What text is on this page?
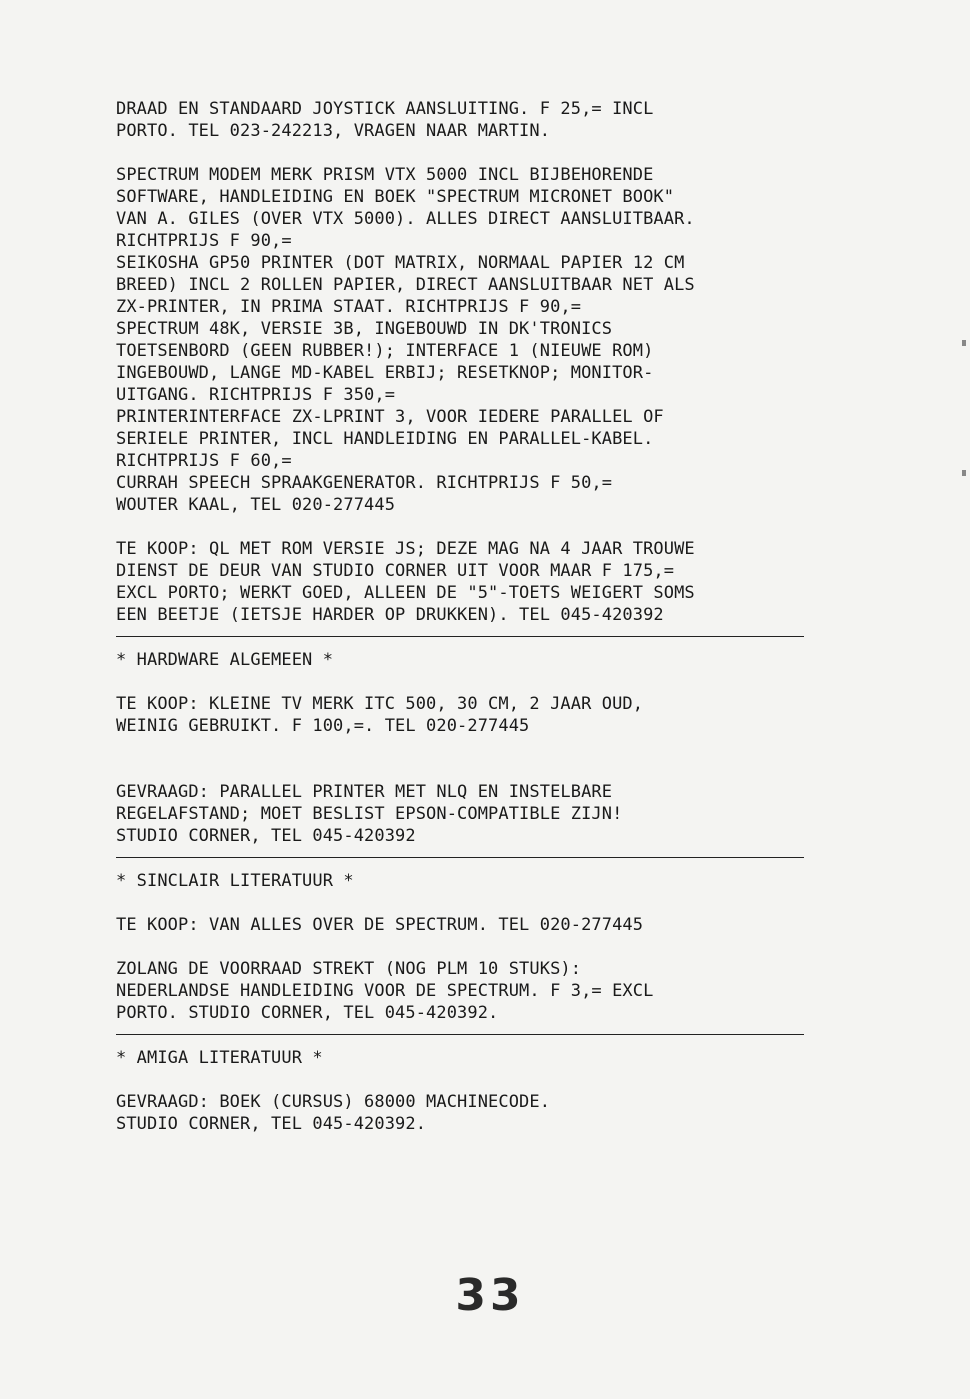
DRAAD EN STANDAARD JOYSTICK AANSLUITING. F 25,= INCL
PORTO. TEL 023-242213, VRAGEN NAAR MARTIN.
SPECTRUM MODEM MERK PRISM VTX 5000 INCL BIJBEHORENDE
SOFTWARE, HANDLEIDING EN BOEK "SPECTRUM MICRONET BOOK"
VAN A. GILES (OVER VTX 5000). ALLES DIRECT AANSLUITBAAR.
RICHTPRIJS F 90,=
SEIKOSHA GP50 PRINTER (DOT MATRIX, NORMAAL PAPIER 12 CM
BREED) INCL 2 ROLLEN PAPIER, DIRECT AANSLUITBAAR NET ALS
ZX-PRINTER, IN PRIMA STAAT. RICHTPRIJS F 90,=
SPECTRUM 48K, VERSIE 3B, INGEBOUWD IN DK'TRONICS
TOETSENBORD (GEEN RUBBER!); INTERFACE 1 (NIEUWE ROM)
INGEBOUWD, LANGE MD-KABEL ERBIJ; RESETKNOP; MONITOR-
UITGANG. RICHTPRIJS F 350,=
PRINTERINTERFACE ZX-LPRINT 3, VOOR IEDERE PARALLEL OF
SERIELE PRINTER, INCL HANDLEIDING EN PARALLEL-KABEL.
RICHTPRIJS F 60,=
CURRAH SPEECH SPRAAKGENERATOR. RICHTPRIJS F 50,=
WOUTER KAAL, TEL 020-277445
TE KOOP: QL MET ROM VERSIE JS; DEZE MAG NA 4 JAAR TROUWE
DIENST DE DEUR VAN STUDIO CORNER UIT VOOR MAAR F 175,=
EXCL PORTO; WERKT GOED, ALLEEN DE "5"-TOETS WEIGERT SOMS
EEN BEETJE (IETSJE HARDER OP DRUKKEN). TEL 045-420392
* HARDWARE ALGEMEEN *
TE KOOP: KLEINE TV MERK ITC 500, 30 CM, 2 JAAR OUD,
WEINIG GEBRUIKT. F 100,=. TEL 020-277445
GEVRAAGD: PARALLEL PRINTER MET NLQ EN INSTELBARE
REGELAFSTAND; MOET BESLIST EPSON-COMPATIBLE ZIJN!
STUDIO CORNER, TEL 045-420392
* SINCLAIR LITERATUUR *
TE KOOP: VAN ALLES OVER DE SPECTRUM. TEL 020-277445
ZOLANG DE VOORRAAD STREKT (NOG PLM 10 STUKS):
NEDERLANDSE HANDLEIDING VOOR DE SPECTRUM. F 3,= EXCL
PORTO. STUDIO CORNER, TEL 045-420392.
* AMIGA LITERATUUR *
GEVRAAGD: BOEK (CURSUS) 68000 MACHINECODE.
STUDIO CORNER, TEL 045-420392.
33
